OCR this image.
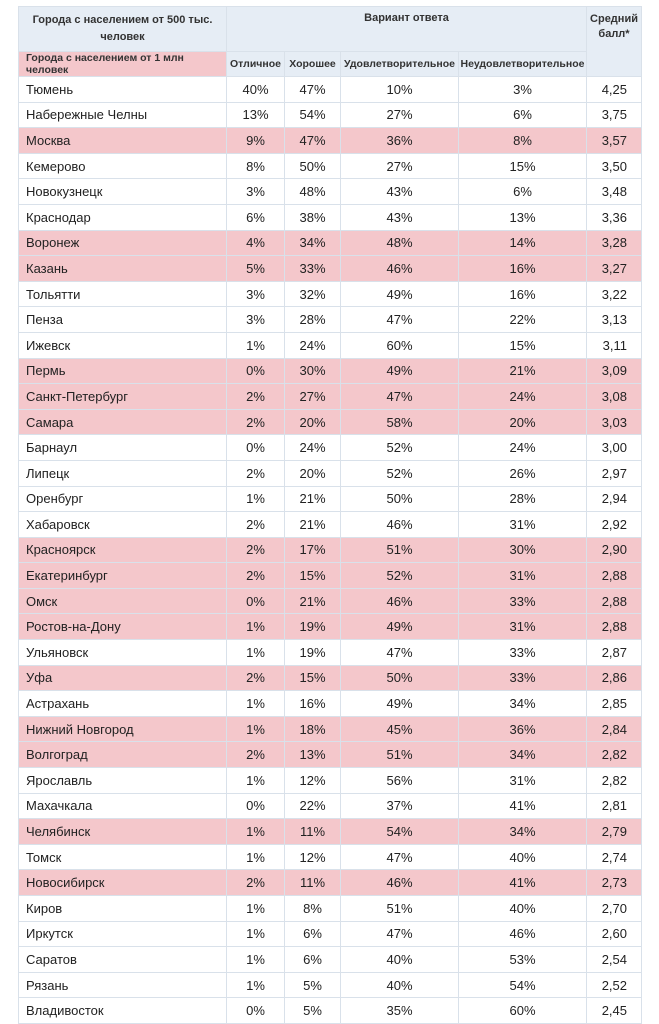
Города с населением от 500 тыс. человек	Вариант ответа				Средний балл*
Города с населением от 1 млн человек	Отличное	Хорошее	Удовлетворительное	Неудовлетворительное	
Тюмень	40%	47%	10%	3%	4,25
Набережные Челны	13%	54%	27%	6%	3,75
Москва	9%	47%	36%	8%	3,57
Кемерово	8%	50%	27%	15%	3,50
Новокузнецк	3%	48%	43%	6%	3,48
Краснодар	6%	38%	43%	13%	3,36
Воронеж	4%	34%	48%	14%	3,28
Казань	5%	33%	46%	16%	3,27
Тольятти	3%	32%	49%	16%	3,22
Пенза	3%	28%	47%	22%	3,13
Ижевск	1%	24%	60%	15%	3,11
Пермь	0%	30%	49%	21%	3,09
Санкт-Петербург	2%	27%	47%	24%	3,08
Самара	2%	20%	58%	20%	3,03
Барнаул	0%	24%	52%	24%	3,00
Липецк	2%	20%	52%	26%	2,97
Оренбург	1%	21%	50%	28%	2,94
Хабаровск	2%	21%	46%	31%	2,92
Красноярск	2%	17%	51%	30%	2,90
Екатеринбург	2%	15%	52%	31%	2,88
Омск	0%	21%	46%	33%	2,88
Ростов-на-Дону	1%	19%	49%	31%	2,88
Ульяновск	1%	19%	47%	33%	2,87
Уфа	2%	15%	50%	33%	2,86
Астрахань	1%	16%	49%	34%	2,85
Нижний Новгород	1%	18%	45%	36%	2,84
Волгоград	2%	13%	51%	34%	2,82
Ярославль	1%	12%	56%	31%	2,82
Махачкала	0%	22%	37%	41%	2,81
Челябинск	1%	11%	54%	34%	2,79
Томск	1%	12%	47%	40%	2,74
Новосибирск	2%	11%	46%	41%	2,73
Киров	1%	8%	51%	40%	2,70
Иркутск	1%	6%	47%	46%	2,60
Саратов	1%	6%	40%	53%	2,54
Рязань	1%	5%	40%	54%	2,52
Владивосток	0%	5%	35%	60%	2,45
